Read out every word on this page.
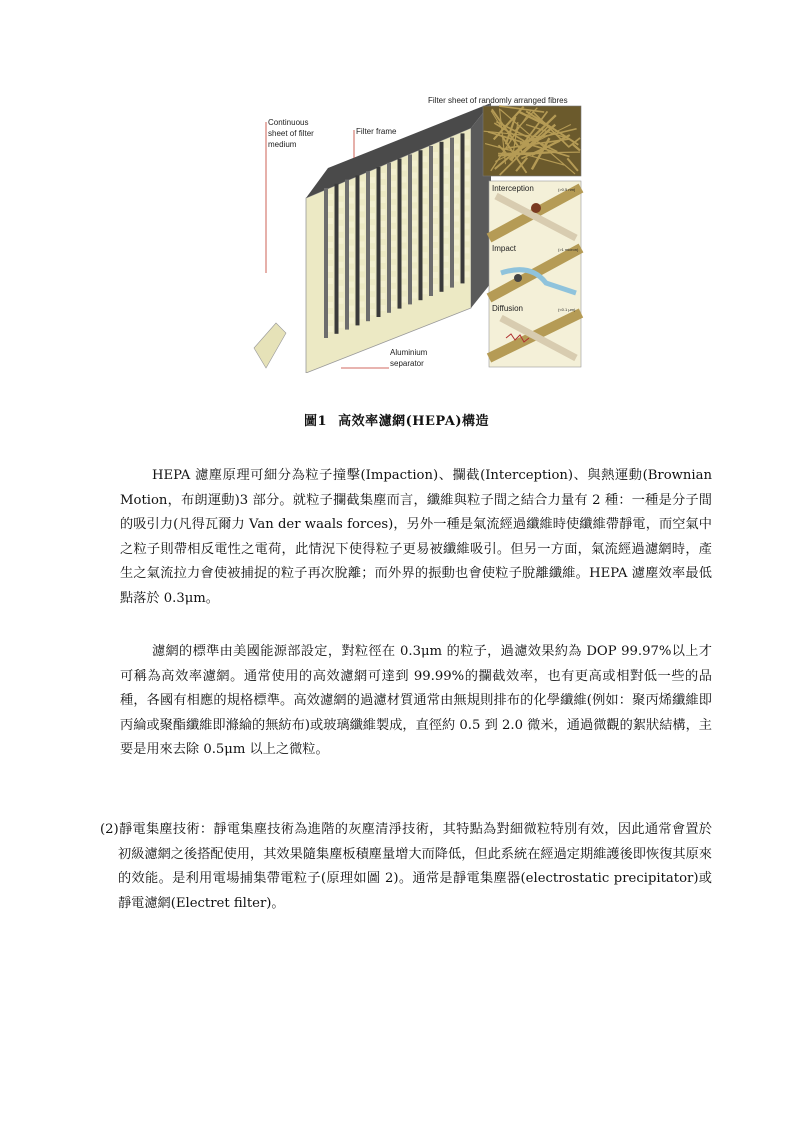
Continuous
sheet of filter
medium
Filter frame
Filter sheet of randomly arranged fibres
Aluminium
separator
Interception	(>0.5 nm)
Impact	(>1 micron)
Diffusion	(<0.1 μm)
圖1 高效率濾網(HEPA)構造
HEPA 濾塵原理可細分為粒子撞擊(Impaction)、攔截(Interception)、與熱運動(Brownian Motion，布朗運動)3 部分。就粒子攔截集塵而言，纖維與粒子間之結合力量有 2 種：一種是分子間的吸引力(凡得瓦爾力 Van der waals forces)，另外一種是氣流經過纖維時使纖維帶靜電，而空氣中之粒子則帶相反電性之電荷，此情況下使得粒子更易被纖維吸引。但另一方面，氣流經過濾網時，產生之氣流拉力會使被捕捉的粒子再次脫離；而外界的振動也會使粒子脫離纖維。HEPA 濾塵效率最低點落於 0.3μm。
濾網的標準由美國能源部設定，對粒徑在 0.3μm 的粒子，過濾效果約為 DOP 99.97%以上才可稱為高效率濾網。通常使用的高效濾網可達到 99.99%的攔截效率，也有更高或相對低一些的品種，各國有相應的規格標準。高效濾網的過濾材質通常由無規則排布的化學纖維(例如：聚丙烯纖維即丙綸或聚酯纖維即滌綸的無紡布)或玻璃纖維製成，直徑約 0.5 到 2.0 微米，通過微觀的絮狀結構，主要是用來去除 0.5μm 以上之微粒。
(2)靜電集塵技術：靜電集塵技術為進階的灰塵清淨技術，其特點為對細微粒特別有效，因此通常會置於初級濾網之後搭配使用，其效果隨集塵板積塵量增大而降低，但此系統在經過定期維護後即恢復其原來的效能。是利用電場捕集帶電粒子(原理如圖 2)。通常是靜電集塵器(electrostatic precipitator)或靜電濾網(Electret filter)。
